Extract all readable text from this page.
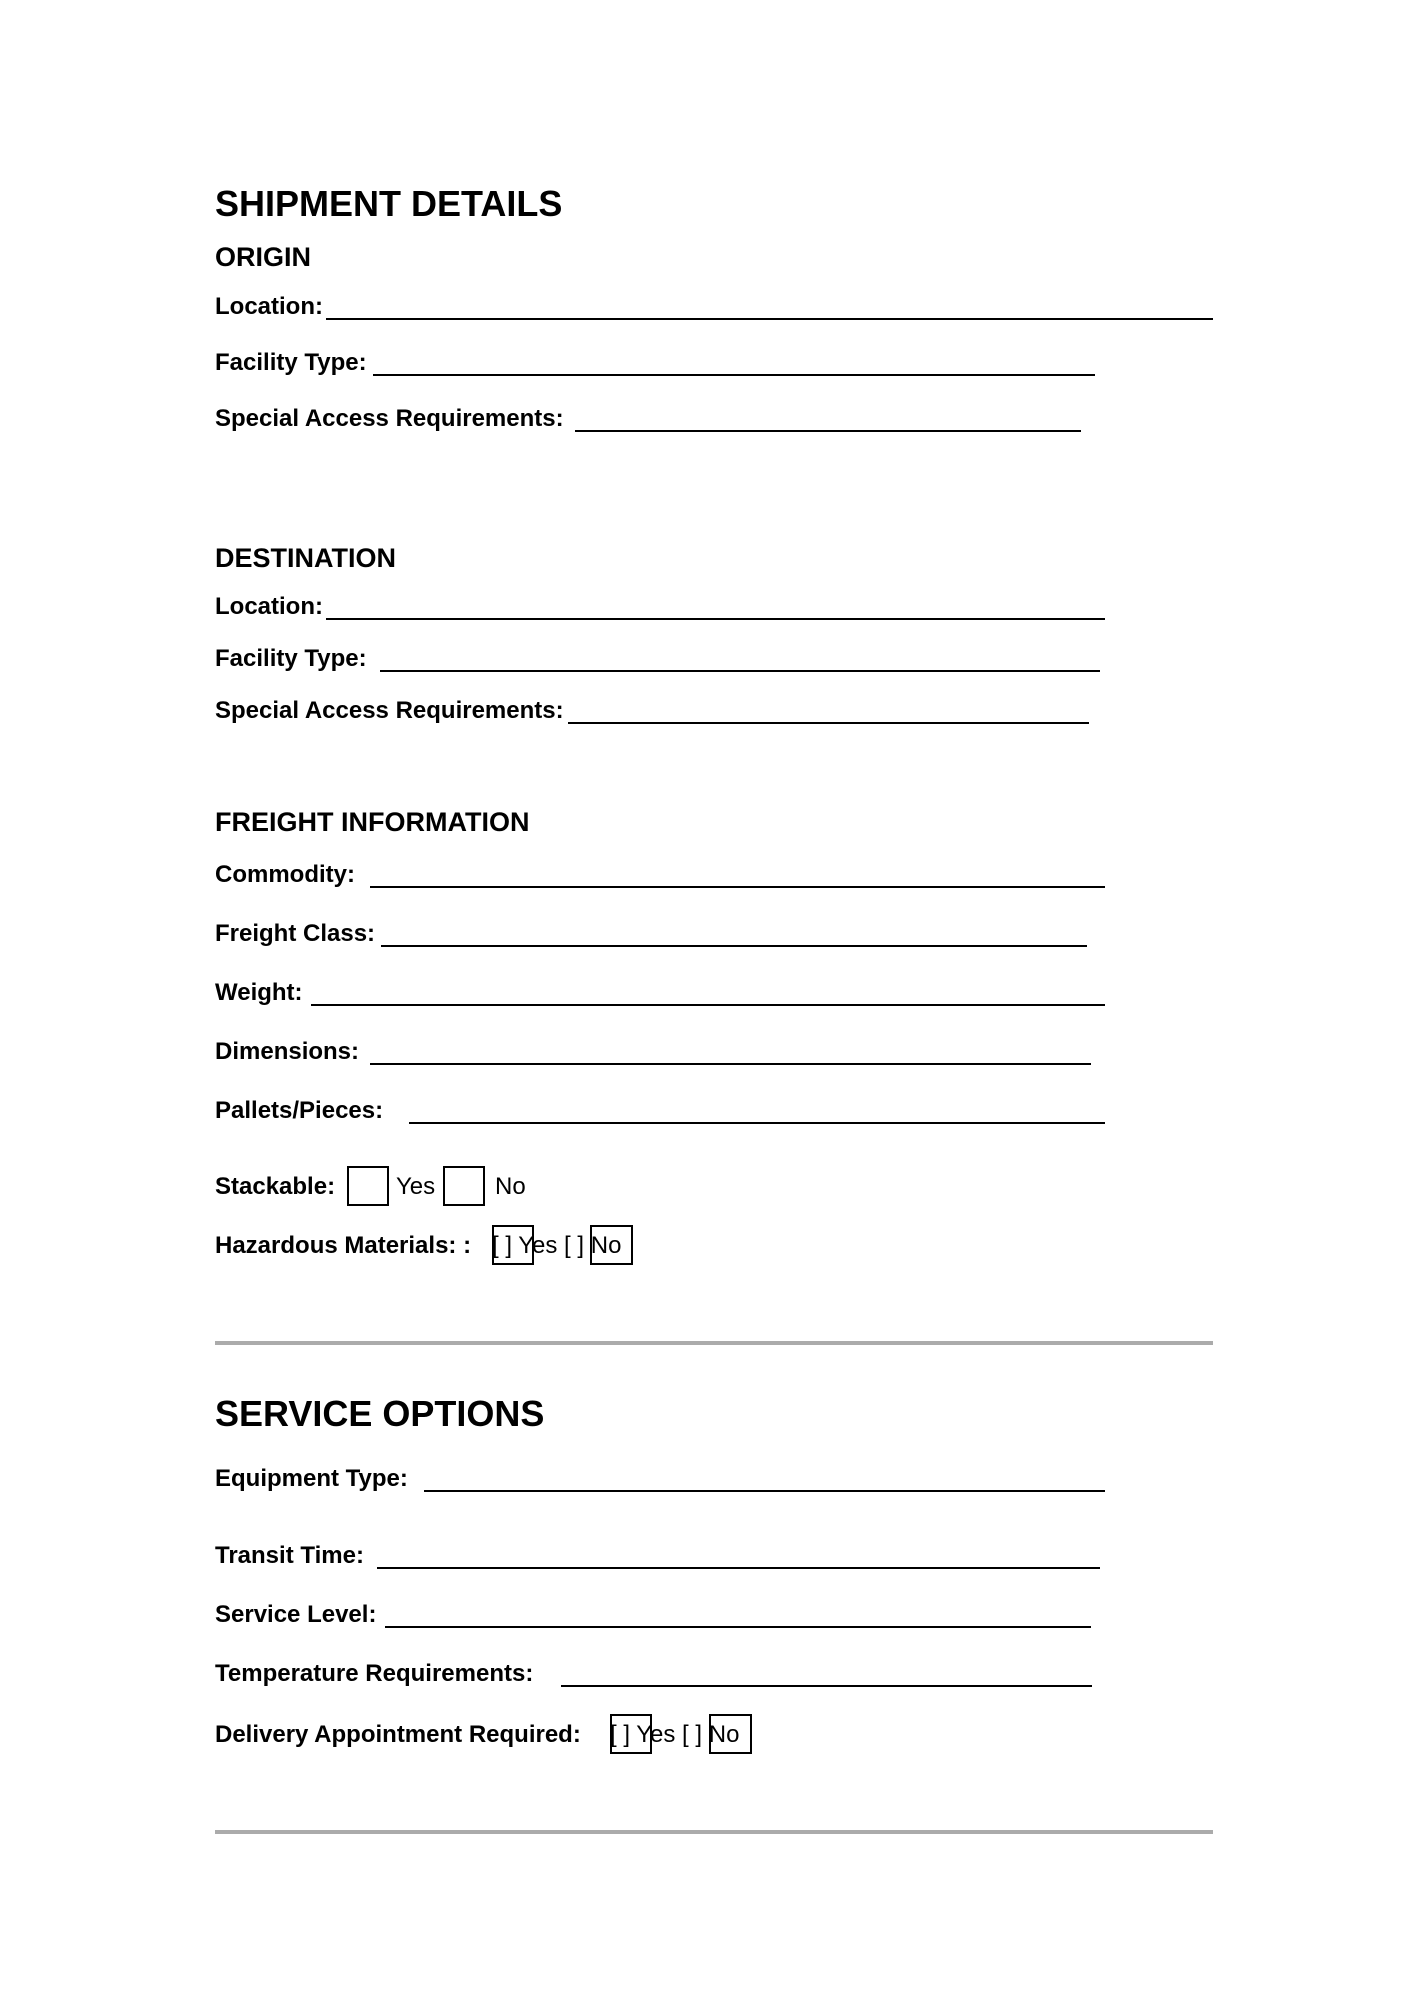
SHIPMENT DETAILS
ORIGIN
Location:
Facility Type:
Special Access Requirements:
DESTINATION
Location:
Facility Type:
Special Access Requirements:
FREIGHT INFORMATION
Commodity:
Freight Class:
Weight:
Dimensions:
Pallets/Pieces:
Stackable:	Yes No
Hazardous Materials: : [ ] Yes [ ] No
SERVICE OPTIONS
Equipment Type:
Transit Time:
Service Level:
Temperature Requirements:
Delivery Appointment Required: [ ] Yes [ ] No
